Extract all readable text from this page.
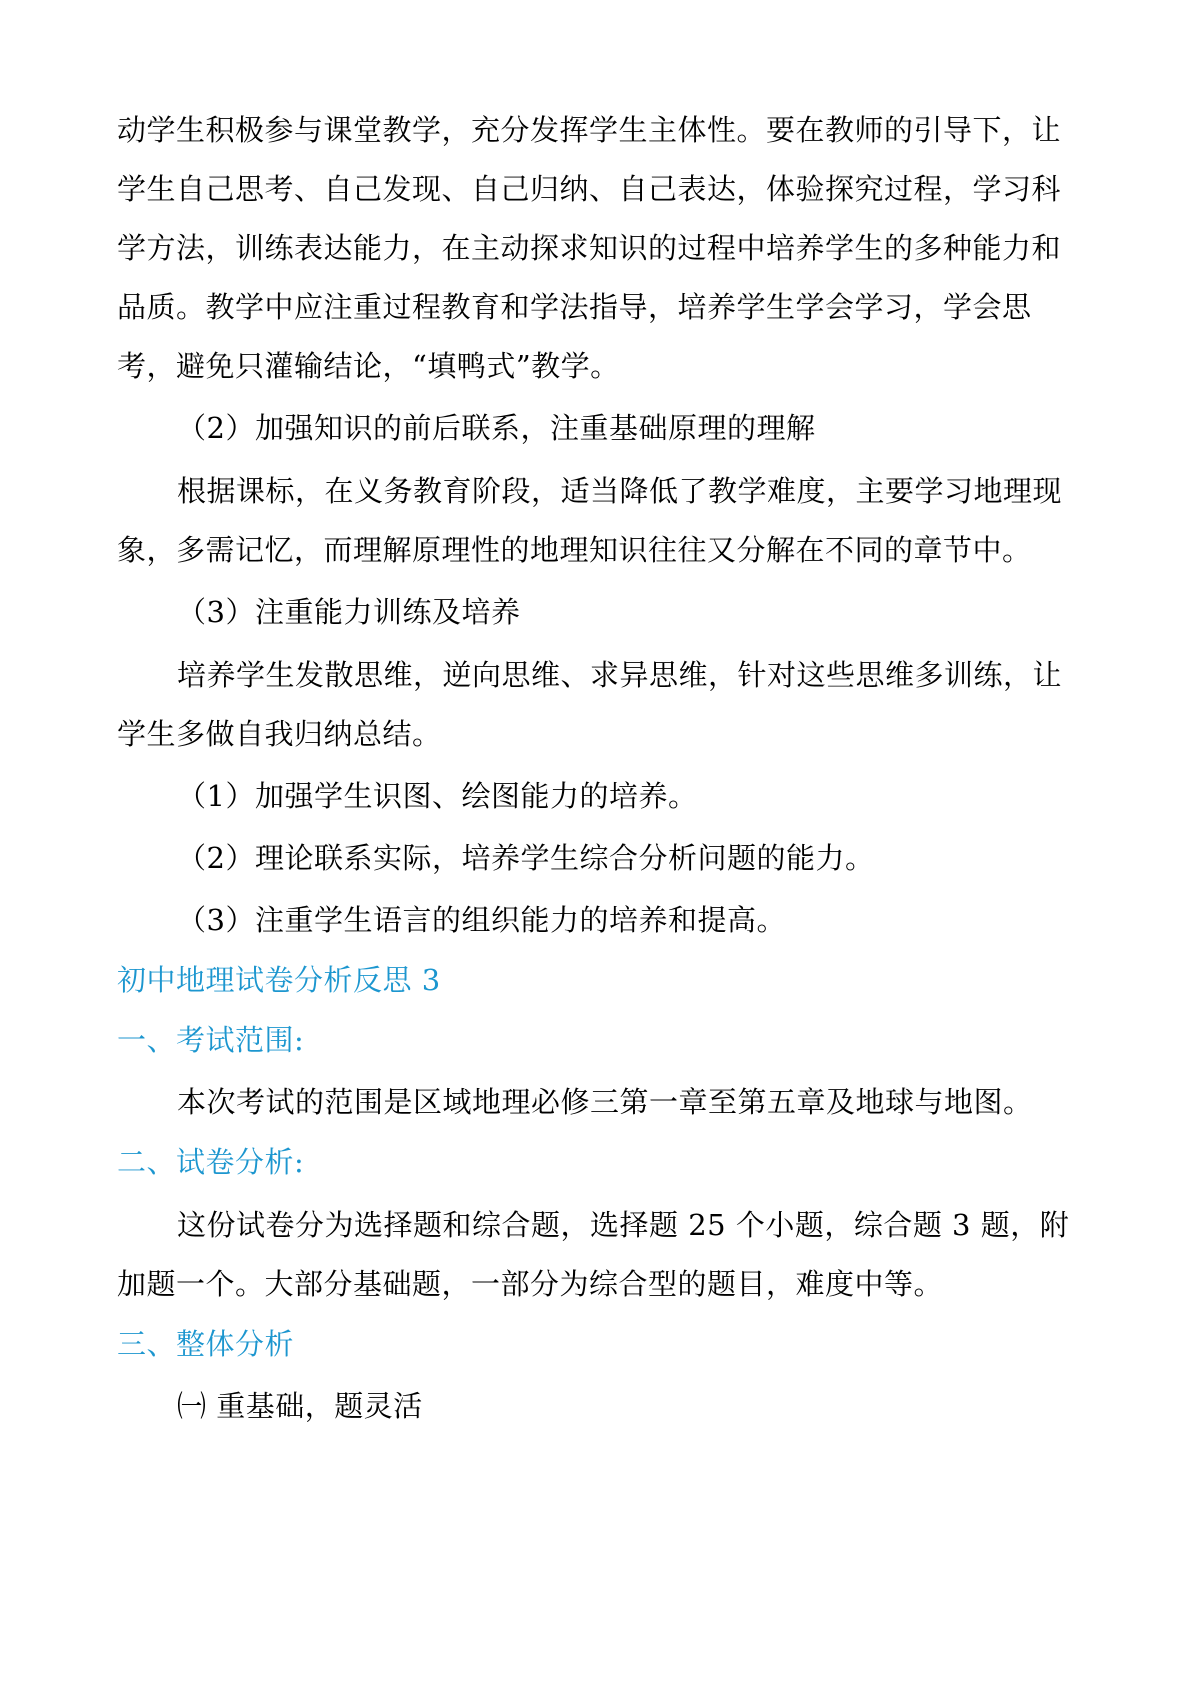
动学生积极参与课堂教学，充分发挥学生主体性。要在教师的引导下，让
学生自己思考、自己发现、自己归纳、自己表达，体验探究过程，学习科
学方法，训练表达能力，在主动探求知识的过程中培养学生的多种能力和
品质。教学中应注重过程教育和学法指导，培养学生学会学习，学会思
考，避免只灌输结论，“填鸭式”教学。
（2）加强知识的前后联系，注重基础原理的理解
根据课标，在义务教育阶段，适当降低了教学难度，主要学习地理现
象，多需记忆，而理解原理性的地理知识往往又分解在不同的章节中。
（3）注重能力训练及培养
培养学生发散思维，逆向思维、求异思维，针对这些思维多训练，让
学生多做自我归纳总结。
（1）加强学生识图、绘图能力的培养。
（2）理论联系实际，培养学生综合分析问题的能力。
（3）注重学生语言的组织能力的培养和提高。
初中地理试卷分析反思 3
一、考试范围:
本次考试的范围是区域地理必修三第一章至第五章及地球与地图。
二、试卷分析:
这份试卷分为选择题和综合题，选择题 25 个小题，综合题 3 题，附
加题一个。大部分基础题，一部分为综合型的题目，难度中等。
三、整体分析
㈠ 重基础，题灵活
